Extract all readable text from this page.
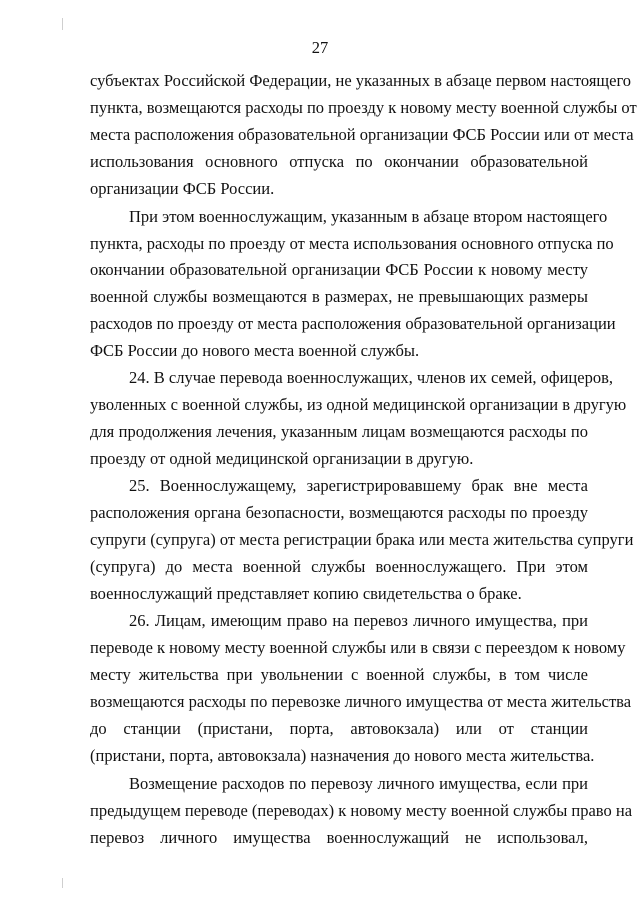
27
субъектах Российской Федерации, не указанных в абзаце первом настоящего
пункта, возмещаются расходы по проезду к новому месту военной службы от
места расположения образовательной организации ФСБ России или от места
использования основного отпуска по окончании образовательной
организации ФСБ России.
При этом военнослужащим, указанным в абзаце втором настоящего
пункта, расходы по проезду от места использования основного отпуска по
окончании образовательной организации ФСБ России к новому месту
военной службы возмещаются в размерах, не превышающих размеры
расходов по проезду от места расположения образовательной организации
ФСБ России до нового места военной службы.
24. В случае перевода военнослужащих, членов их семей, офицеров,
уволенных с военной службы, из одной медицинской организации в другую
для продолжения лечения, указанным лицам возмещаются расходы по
проезду от одной медицинской организации в другую.
25. Военнослужащему, зарегистрировавшему брак вне места
расположения органа безопасности, возмещаются расходы по проезду
супруги (супруга) от места регистрации брака или места жительства супруги
(супруга) до места военной службы военнослужащего. При этом
военнослужащий представляет копию свидетельства о браке.
26. Лицам, имеющим право на перевоз личного имущества, при
переводе к новому месту военной службы или в связи с переездом к новому
месту жительства при увольнении с военной службы, в том числе
возмещаются расходы по перевозке личного имущества от места жительства
до станции (пристани, порта, автовокзала) или от станции
(пристани, порта, автовокзала) назначения до нового места жительства.
Возмещение расходов по перевозу личного имущества, если при
предыдущем переводе (переводах) к новому месту военной службы право на
перевоз личного имущества военнослужащий не использовал,
